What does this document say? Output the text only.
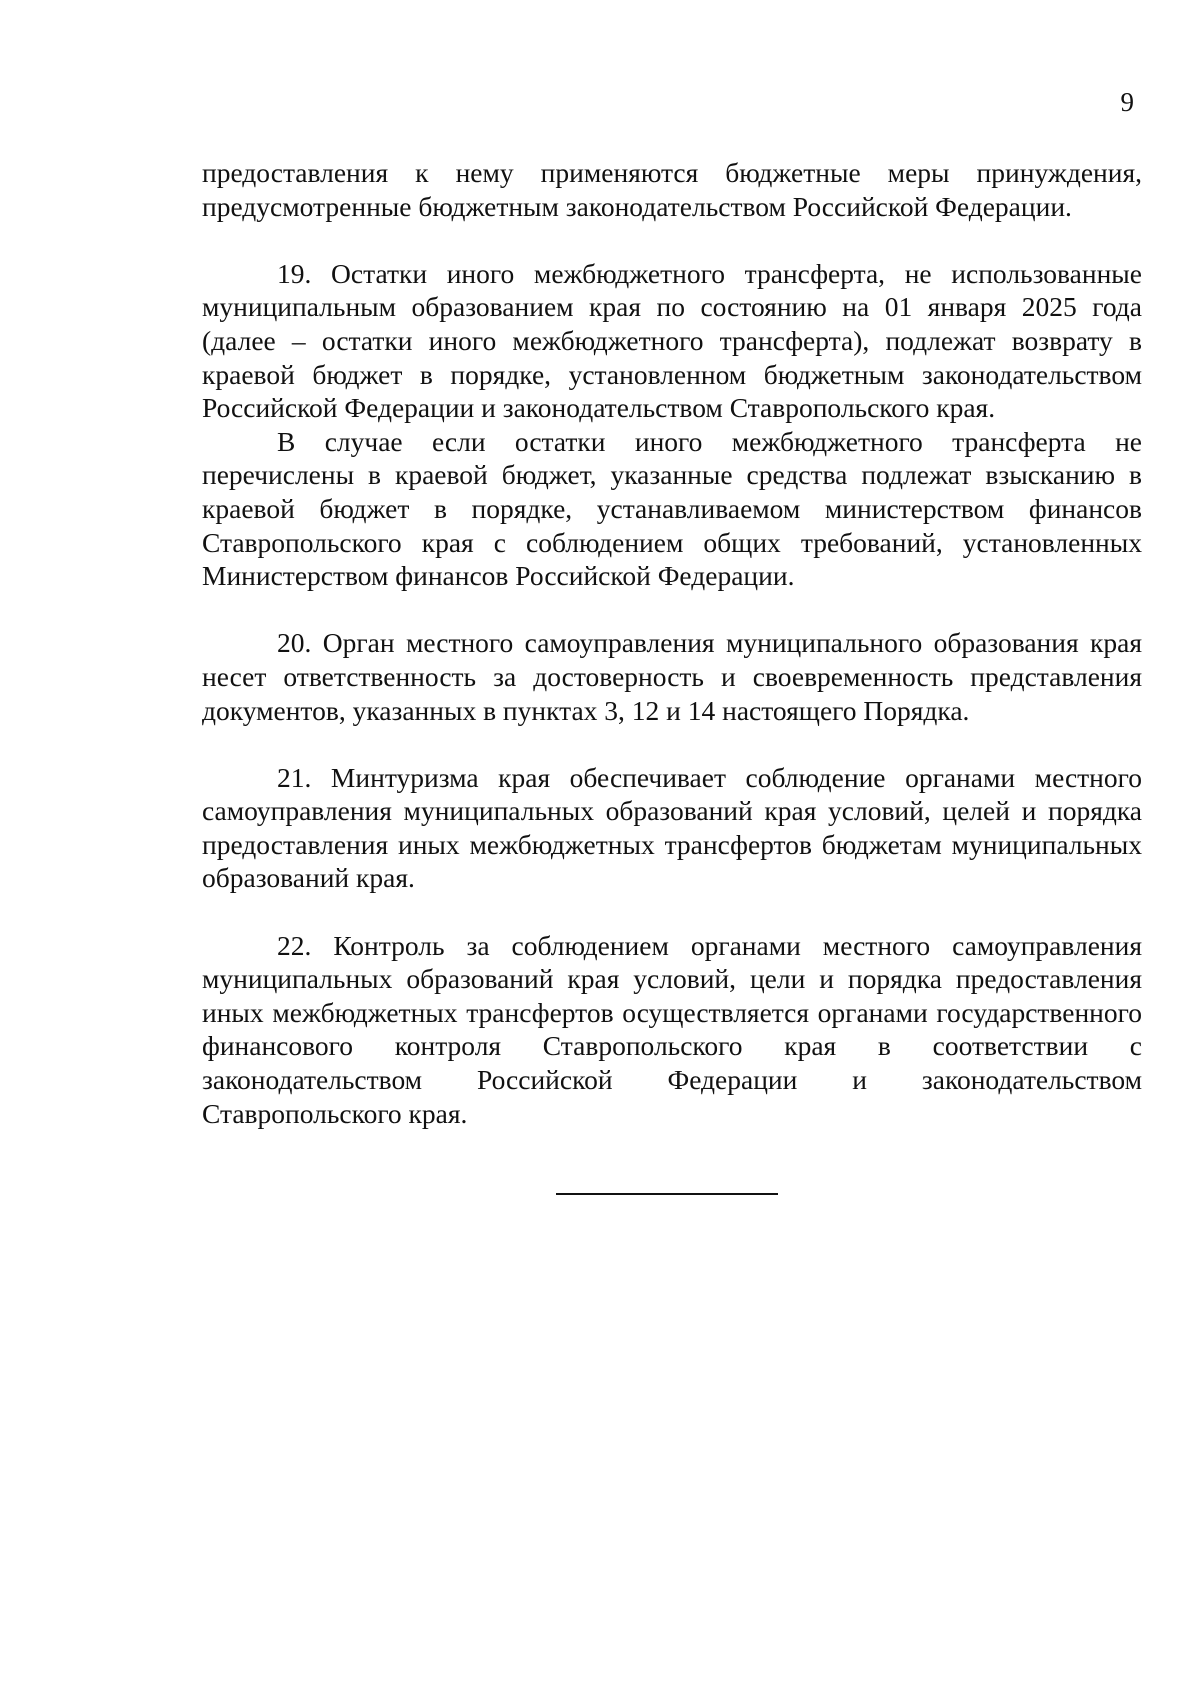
9

предоставления к нему применяются бюджетные меры принуждения, предусмотренные бюджетным законодательством Российской Федерации.

19. Остатки иного межбюджетного трансферта, не использованные муниципальным образованием края по состоянию на 01 января 2025 года (далее – остатки иного межбюджетного трансферта), подлежат возврату в краевой бюджет в порядке, установленном бюджетным законодательством Российской Федерации и законодательством Ставропольского края.

В случае если остатки иного межбюджетного трансферта не перечислены в краевой бюджет, указанные средства подлежат взысканию в краевой бюджет в порядке, устанавливаемом министерством финансов Ставропольского края с соблюдением общих требований, установленных Министерством финансов Российской Федерации.

20. Орган местного самоуправления муниципального образования края несет ответственность за достоверность и своевременность представления документов, указанных в пунктах 3, 12 и 14 настоящего Порядка.

21. Минтуризма края обеспечивает соблюдение органами местного самоуправления муниципальных образований края условий, целей и порядка предоставления иных межбюджетных трансфертов бюджетам муниципальных образований края.

22. Контроль за соблюдением органами местного самоуправления муниципальных образований края условий, цели и порядка предоставления иных межбюджетных трансфертов осуществляется органами государственного финансового контроля Ставропольского края в соответствии с законодательством Российской Федерации и законодательством Ставропольского края.
